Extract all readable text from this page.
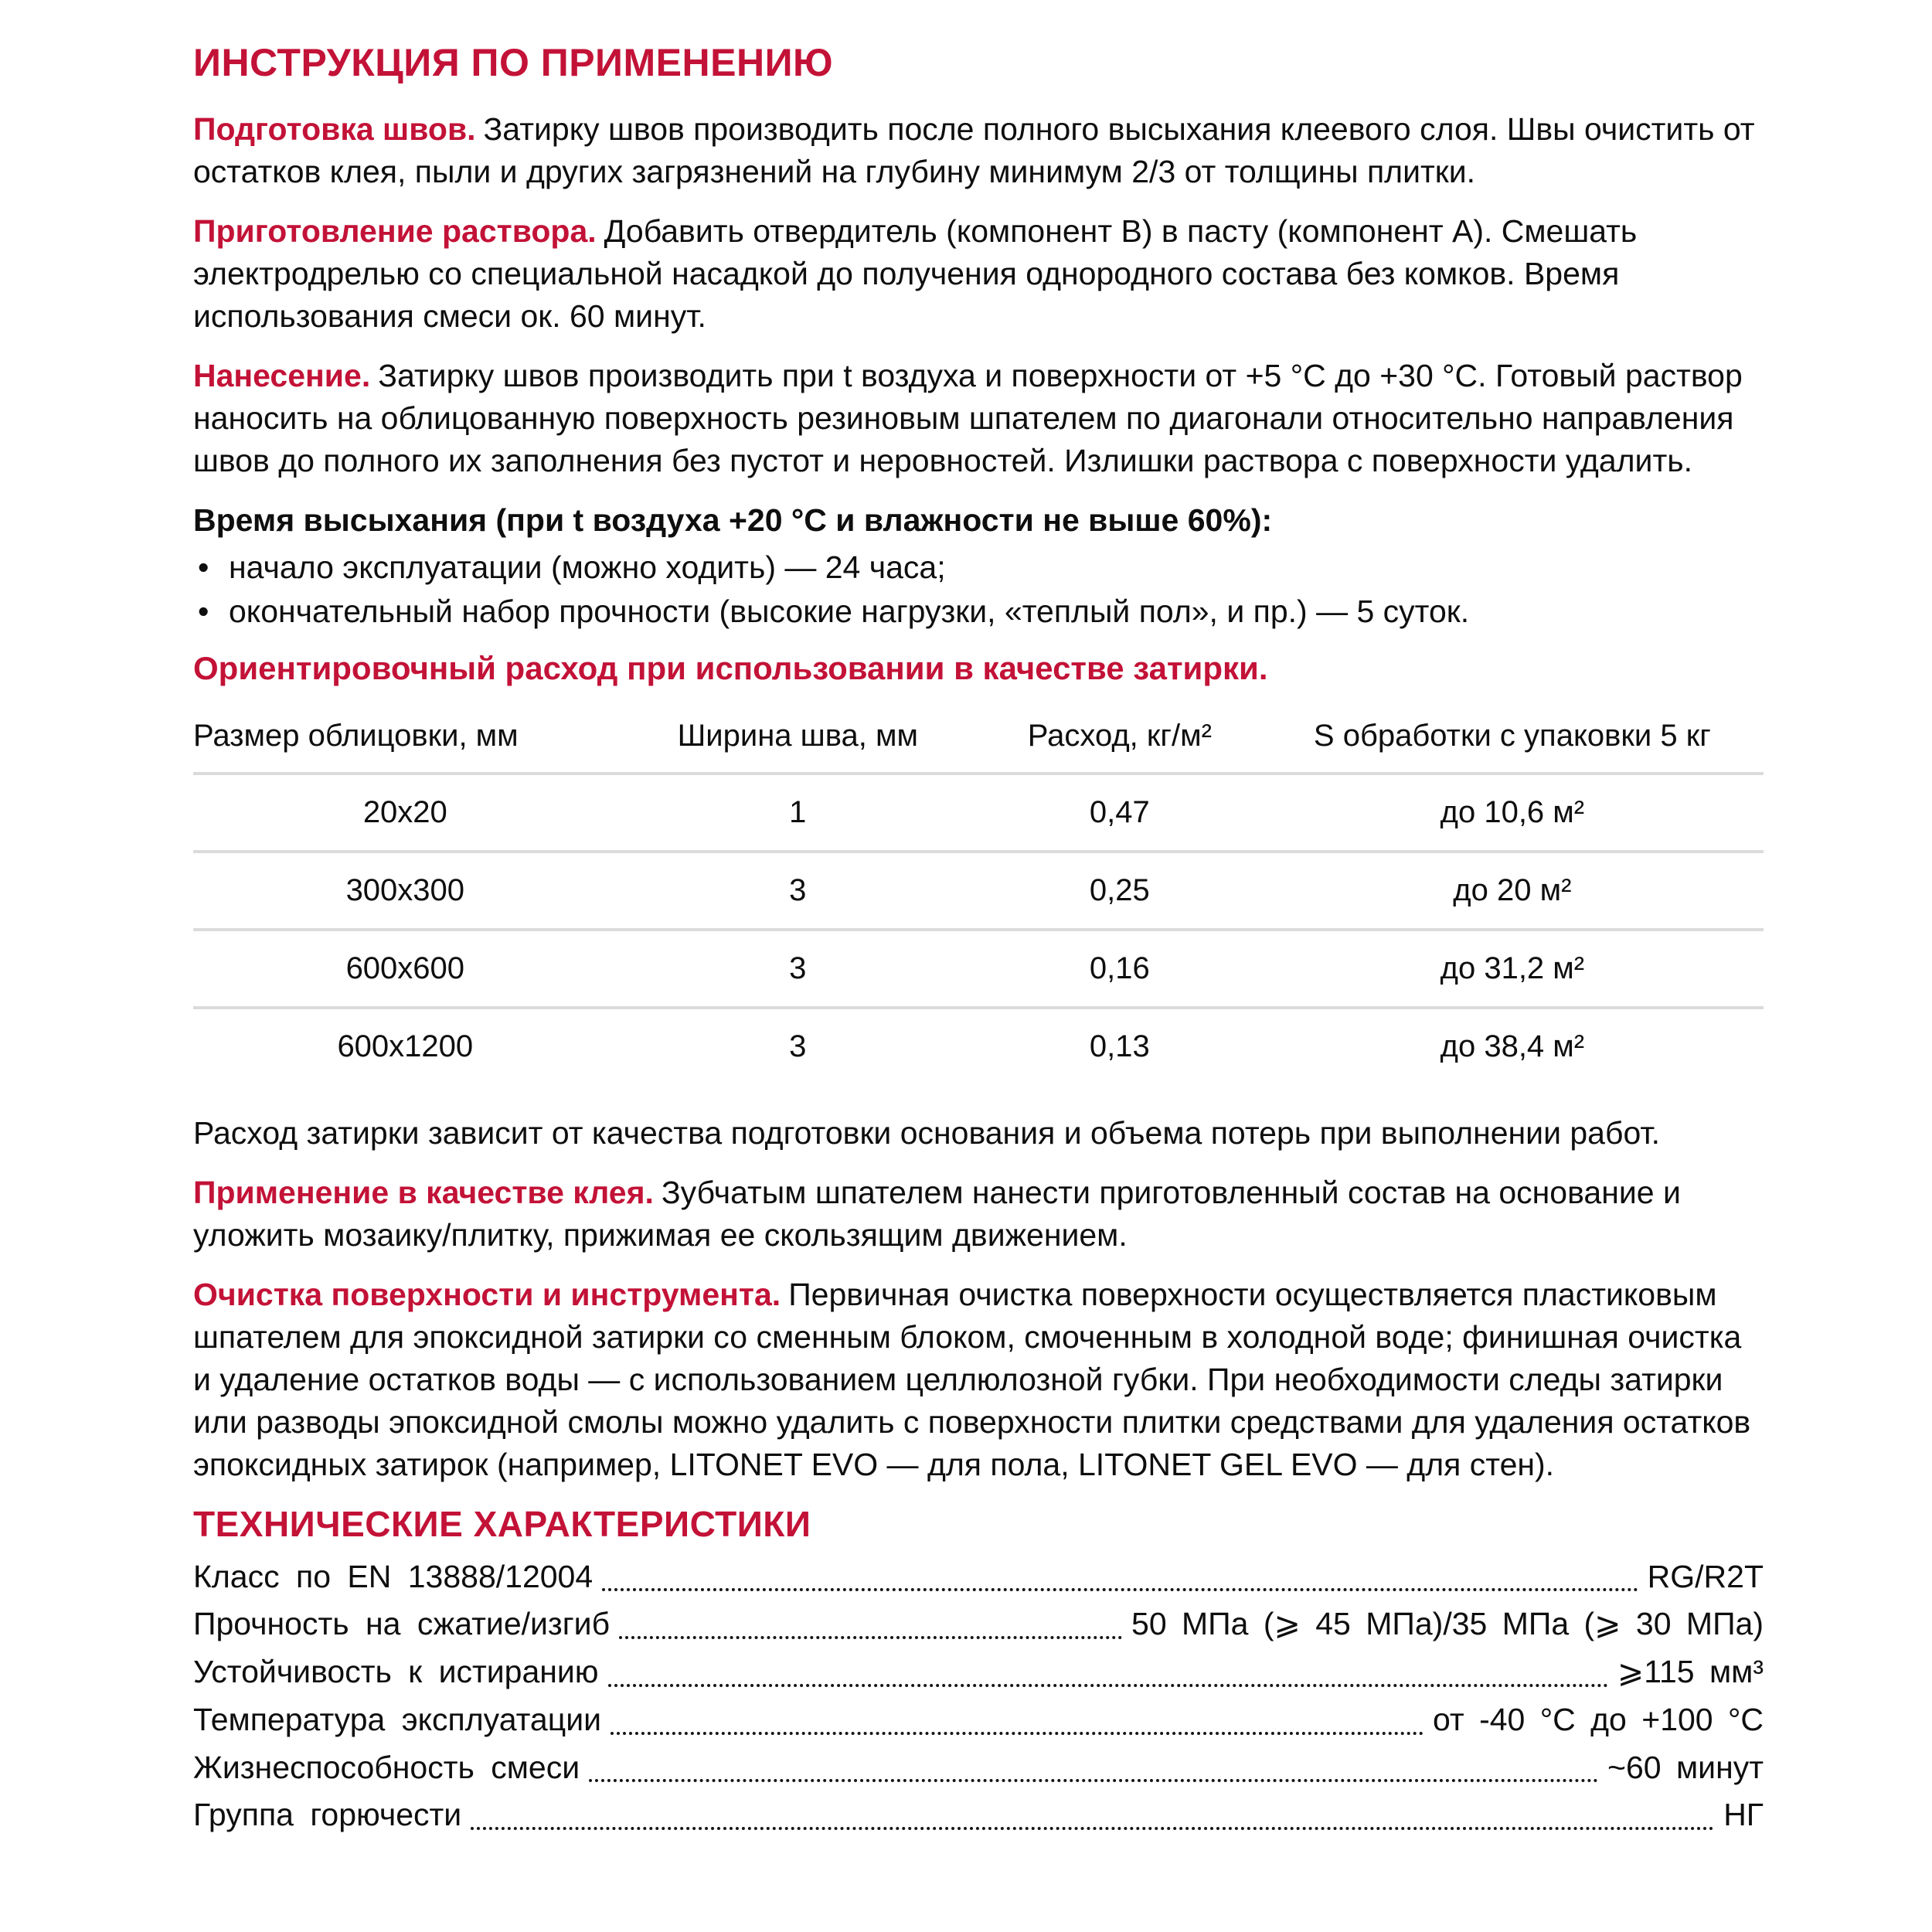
ИНСТРУКЦИЯ ПО ПРИМЕНЕНИЮ

Подготовка швов. Затирку швов производить после полного высыхания клеевого слоя. Швы очистить от остатков клея, пыли и других загрязнений на глубину минимум 2/3 от толщины плитки.

Приготовление раствора. Добавить отвердитель (компонент B) в пасту (компонент A). Смешать электродрелью со специальной насадкой до получения однородного состава без комков. Время использования смеси ок. 60 минут.

Нанесение. Затирку швов производить при t воздуха и поверхности от +5 °C до +30 °C. Готовый раствор наносить на облицованную поверхность резиновым шпателем по диагонали относительно направления швов до полного их заполнения без пустот и неровностей. Излишки раствора с поверхности удалить.

Время высыхания (при t воздуха +20 °C и влажности не выше 60%):

• начало эксплуатации (можно ходить) — 24 часа;
• окончательный набор прочности (высокие нагрузки, «теплый пол», и пр.) — 5 суток.

Ориентировочный расход при использовании в качестве затирки.

Размер облицовки, мм	Ширина шва, мм	Расход, кг/м²	S обработки с упаковки 5 кг
20х20	1	0,47	до 10,6 м²
300х300	3	0,25	до 20 м²
600х600	3	0,16	до 31,2 м²
600х1200	3	0,13	до 38,4 м²

Расход затирки зависит от качества подготовки основания и объема потерь при выполнении работ.

Применение в качестве клея. Зубчатым шпателем нанести приготовленный состав на основание и уложить мозаику/плитку, прижимая ее скользящим движением.

Очистка поверхности и инструмента. Первичная очистка поверхности осуществляется пластиковым шпателем для эпоксидной затирки со сменным блоком, смоченным в холодной воде; финишная очистка и удаление остатков воды — с использованием целлюлозной губки. При необходимости следы затирки или разводы эпоксидной смолы можно удалить с поверхности плитки средствами для удаления остатков эпоксидных затирок (например, LITONET EVO — для пола, LITONET GEL EVO — для стен).

ТЕХНИЧЕСКИЕ ХАРАКТЕРИСТИКИ

Класс по EN 13888/12004	RG/R2T
Прочность на сжатие/изгиб	50 МПа (⩾ 45 МПа)/35 МПа (⩾ 30 МПа)
Устойчивость к истиранию	⩾115 мм³
Температура эксплуатации	от -40 °C до +100 °C
Жизнеспособность смеси	~60 минут
Группа горючести	НГ
